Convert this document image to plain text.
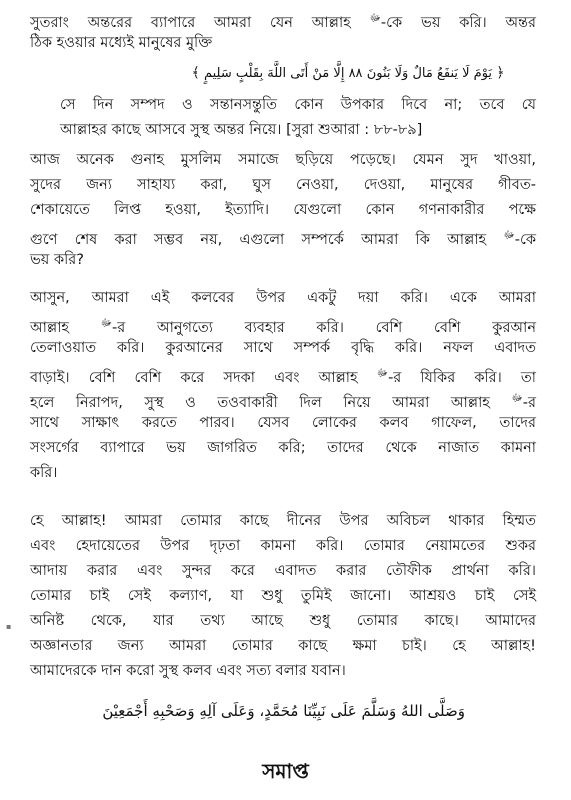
সুতরাং অন্তরের ব্যাপারে আমরা যেন আল্লাহ ﷻ-কে ভয় করি। অন্তর
ঠিক হওয়ার মধ্যেই মানুষের মুক্তি
﴿ يَوْمَ لَا يَنفَعُ مَالٌ وَلَا بَنُونَ ٨٨ إِلَّا مَنْ أَتَى اللَّهَ بِقَلْبٍ سَلِيمٍ ﴾
সে দিন সম্পদ ও সন্তানসন্তুতি কোন উপকার দিবে না; তবে যে
আল্লাহর কাছে আসবে সুস্থ অন্তর নিয়ে। [সুরা শুআরা : ৮৮-৮৯]
আজ অনেক গুনাহ মুসলিম সমাজে ছড়িয়ে পড়েছে। যেমন সুদ খাওয়া,
সুদের জন্য সাহায্য করা, ঘুস নেওয়া, দেওয়া, মানুষের গীবত-
শেকায়েতে লিপ্ত হওয়া, ইত্যাদি। যেগুলো কোন গণনাকারীর পক্ষে
গুণে শেষ করা সম্ভব নয়, এগুলো সম্পর্কে আমরা কি আল্লাহ ﷻ-কে
ভয় করি?
আসুন, আমরা এই কলবের উপর একটু দয়া করি। একে আমরা
আল্লাহ ﷻ-র আনুগত্যে ব্যবহার করি। বেশি বেশি কুরআন
তেলাওয়াত করি। কুরআনের সাথে সম্পর্ক বৃদ্ধি করি। নফল এবাদত
বাড়াই। বেশি বেশি করে সদকা এবং আল্লাহ ﷻ-র যিকির করি। তা
হলে নিরাপদ, সুস্থ ও তওবাকারী দিল নিয়ে আমরা আল্লাহ ﷻ-র
সাথে সাক্ষাৎ করতে পারব। যেসব লোকের কলব গাফেল, তাদের
সংসর্গের ব্যাপারে ভয় জাগরিত করি; তাদের থেকে নাজাত কামনা
করি।
হে আল্লাহ! আমরা তোমার কাছে দীনের উপর অবিচল থাকার হিম্মত
এবং হেদায়েতের উপর দৃঢ়তা কামনা করি। তোমার নেয়ামতের শুকর
আদায় করার এবং সুন্দর করে এবাদত করার তৌফীক প্রার্থনা করি।
তোমার চাই সেই কল্যাণ, যা শুধু তুমিই জানো। আশ্রয়ও চাই সেই
অনিষ্ট থেকে, যার তথ্য আছে শুধু তোমার কাছে। আমাদের
অজ্ঞানতার জন্য আমরা তোমার কাছে ক্ষমা চাই। হে আল্লাহ!
আমাদেরকে দান করো সুস্থ কলব এবং সত্য বলার যবান।
▪
وَصَلَّى اللهُ وَسَلَّمَ عَلَى نَبِيِّنَا مُحَمَّدٍ، وَعَلَى آلِهِ وَصَحْبِهِ أَجْمَعِيْنَ
সমাপ্ত
